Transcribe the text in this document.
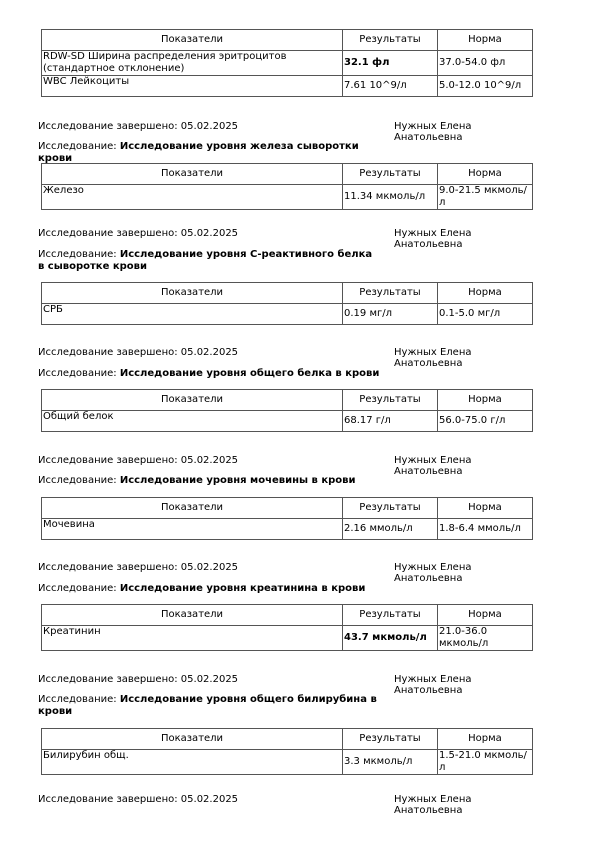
Показатели	Результаты	Норма
RDW-SD Ширина распределения эритроцитов (стандартное отклонение)	32.1 фл	37.0-54.0 фл
WBC Лейкоциты	7.61 10^9/л	5.0-12.0 10^9/л
Исследование завершено: 05.02.2025	Нужных Елена Анатольевна
Исследование: Исследование уровня железа сыворотки крови
Показатели	Результаты	Норма
Железо	11.34 мкмоль/л	9.0-21.5 мкмоль/л
Исследование завершено: 05.02.2025	Нужных Елена Анатольевна
Исследование: Исследование уровня С-реактивного белка в сыворотке крови
Показатели	Результаты	Норма
СРБ	0.19 мг/л	0.1-5.0 мг/л
Исследование завершено: 05.02.2025	Нужных Елена Анатольевна
Исследование: Исследование уровня общего белка в крови
Показатели	Результаты	Норма
Общий белок	68.17 г/л	56.0-75.0 г/л
Исследование завершено: 05.02.2025	Нужных Елена Анатольевна
Исследование: Исследование уровня мочевины в крови
Показатели	Результаты	Норма
Мочевина	2.16 ммоль/л	1.8-6.4 ммоль/л
Исследование завершено: 05.02.2025	Нужных Елена Анатольевна
Исследование: Исследование уровня креатинина в крови
Показатели	Результаты	Норма
Креатинин	43.7 мкмоль/л	21.0-36.0 мкмоль/л
Исследование завершено: 05.02.2025	Нужных Елена Анатольевна
Исследование: Исследование уровня общего билирубина в крови
Показатели	Результаты	Норма
Билирубин общ.	3.3 мкмоль/л	1.5-21.0 мкмоль/л
Исследование завершено: 05.02.2025	Нужных Елена Анатольевна
